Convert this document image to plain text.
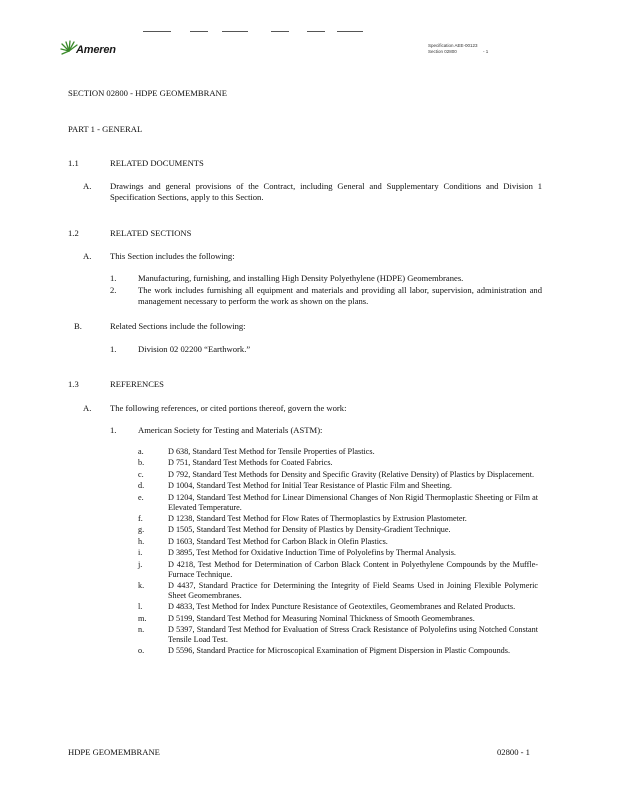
Ameren	Specification AEE-00123
Section 02800	- 1
SECTION 02800 - HDPE GEOMEMBRANE
PART 1 - GENERAL
1.1	RELATED DOCUMENTS
A. Drawings and general provisions of the Contract, including General and Supplementary Conditions and Division 1 Specification Sections, apply to this Section.
1.2	RELATED SECTIONS
A. This Section includes the following:
1.	Manufacturing, furnishing, and installing High Density Polyethylene (HDPE) Geomembranes.
2.	The work includes furnishing all equipment and materials and providing all labor, supervision, administration and management necessary to perform the work as shown on the plans.
B.	Related Sections include the following:
1.	Division 02 02200 “Earthwork.”
1.3	REFERENCES
A. The following references, or cited portions thereof, govern the work:
1.	American Society for Testing and Materials (ASTM):
a.	D 638, Standard Test Method for Tensile Properties of Plastics.
b.	D 751, Standard Test Methods for Coated Fabrics.
c.	D 792, Standard Test Methods for Density and Specific Gravity (Relative Density) of Plastics by Displacement.
d.	D 1004, Standard Test Method for Initial Tear Resistance of Plastic Film and Sheeting.
e.	D 1204, Standard Test Method for Linear Dimensional Changes of Non Rigid Thermoplastic Sheeting or Film at Elevated Temperature.
f.	D 1238, Standard Test Method for Flow Rates of Thermoplastics by Extrusion Plastometer.
g.	D 1505, Standard Test Method for Density of Plastics by Density-Gradient Technique.
h.	D 1603, Standard Test Method for Carbon Black in Olefin Plastics.
i.	D 3895, Test Method for Oxidative Induction Time of Polyolefins by Thermal Analysis.
j.	D 4218, Test Method for Determination of Carbon Black Content in Polyethylene Compounds by the Muffle-Furnace Technique.
k.	D 4437, Standard Practice for Determining the Integrity of Field Seams Used in Joining Flexible Polymeric Sheet Geomembranes.
l.	D 4833, Test Method for Index Puncture Resistance of Geotextiles, Geomembranes and Related Products.
m.	D 5199, Standard Test Method for Measuring Nominal Thickness of Smooth Geomembranes.
n.	D 5397, Standard Test Method for Evaluation of Stress Crack Resistance of Polyolefins using Notched Constant Tensile Load Test.
o.	D 5596, Standard Practice for Microscopical Examination of Pigment Dispersion in Plastic Compounds.
HDPE GEOMEMBRANE	02800 - 1
